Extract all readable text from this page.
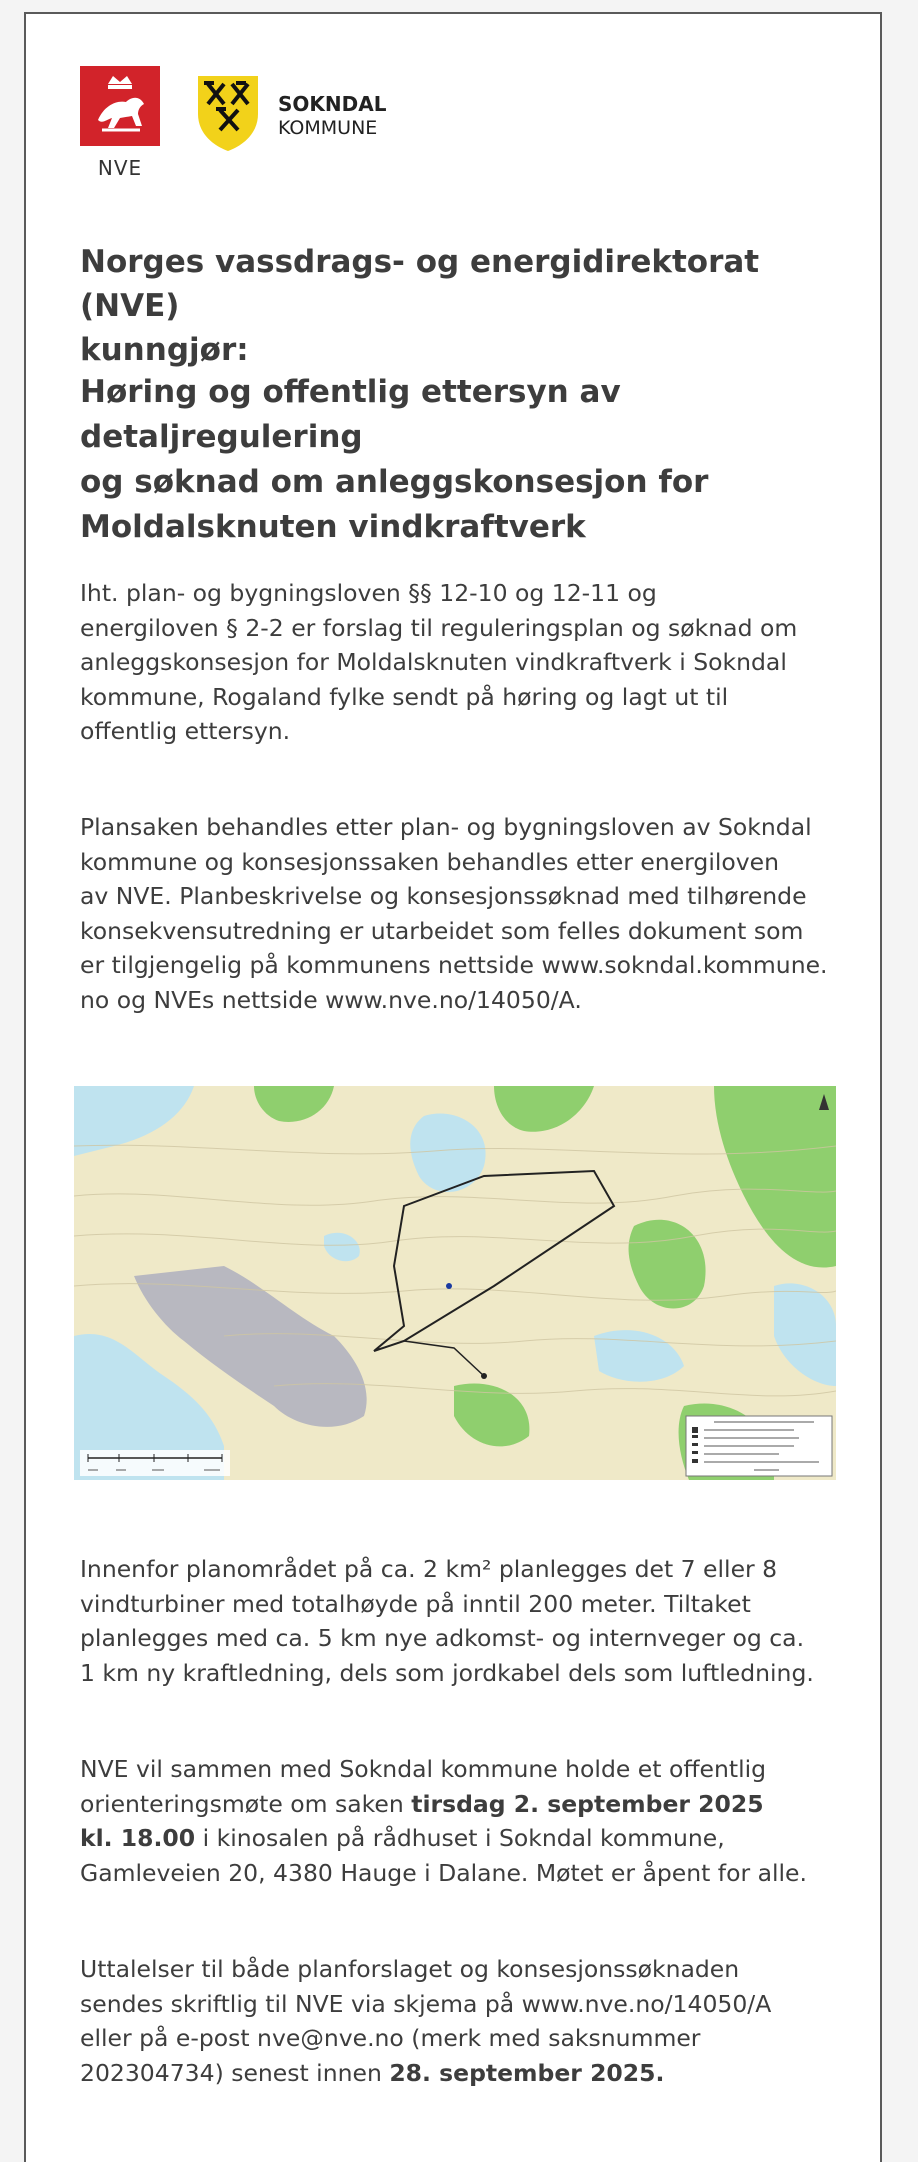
NVE
SOKNDAL
KOMMUNE
Norges vassdrags- og energidirektorat (NVE)
kunngjør:
Høring og offentlig ettersyn av detaljregulering
og søknad om anleggskonsesjon for
Moldalsknuten vindkraftverk

Iht. plan- og bygningsloven §§ 12-10 og 12-11 og
energiloven § 2-2 er forslag til reguleringsplan og søknad om
anleggskonsesjon for Moldalsknuten vindkraftverk i Sokndal
kommune, Rogaland fylke sendt på høring og lagt ut til
offentlig ettersyn.

Plansaken behandles etter plan- og bygningsloven av Sokndal
kommune og konsesjonssaken behandles etter energiloven
av NVE. Planbeskrivelse og konsesjonssøknad med tilhørende
konsekvensutredning er utarbeidet som felles dokument som
er tilgjengelig på kommunens nettside www.sokndal.kommune.
no og NVEs nettside www.nve.no/14050/A.

Innenfor planområdet på ca. 2 km² planlegges det 7 eller 8
vindturbiner med totalhøyde på inntil 200 meter. Tiltaket
planlegges med ca. 5 km nye adkomst- og internveger og ca.
1 km ny kraftledning, dels som jordkabel dels som luftledning.

NVE vil sammen med Sokndal kommune holde et offentlig
orienteringsmøte om saken tirsdag 2. september 2025
kl. 18.00 i kinosalen på rådhuset i Sokndal kommune,
Gamleveien 20, 4380 Hauge i Dalane. Møtet er åpent for alle.

Uttalelser til både planforslaget og konsesjonssøknaden
sendes skriftlig til NVE via skjema på www.nve.no/14050/A
eller på e-post nve@nve.no (merk med saksnummer
202304734) senest innen 28. september 2025.
